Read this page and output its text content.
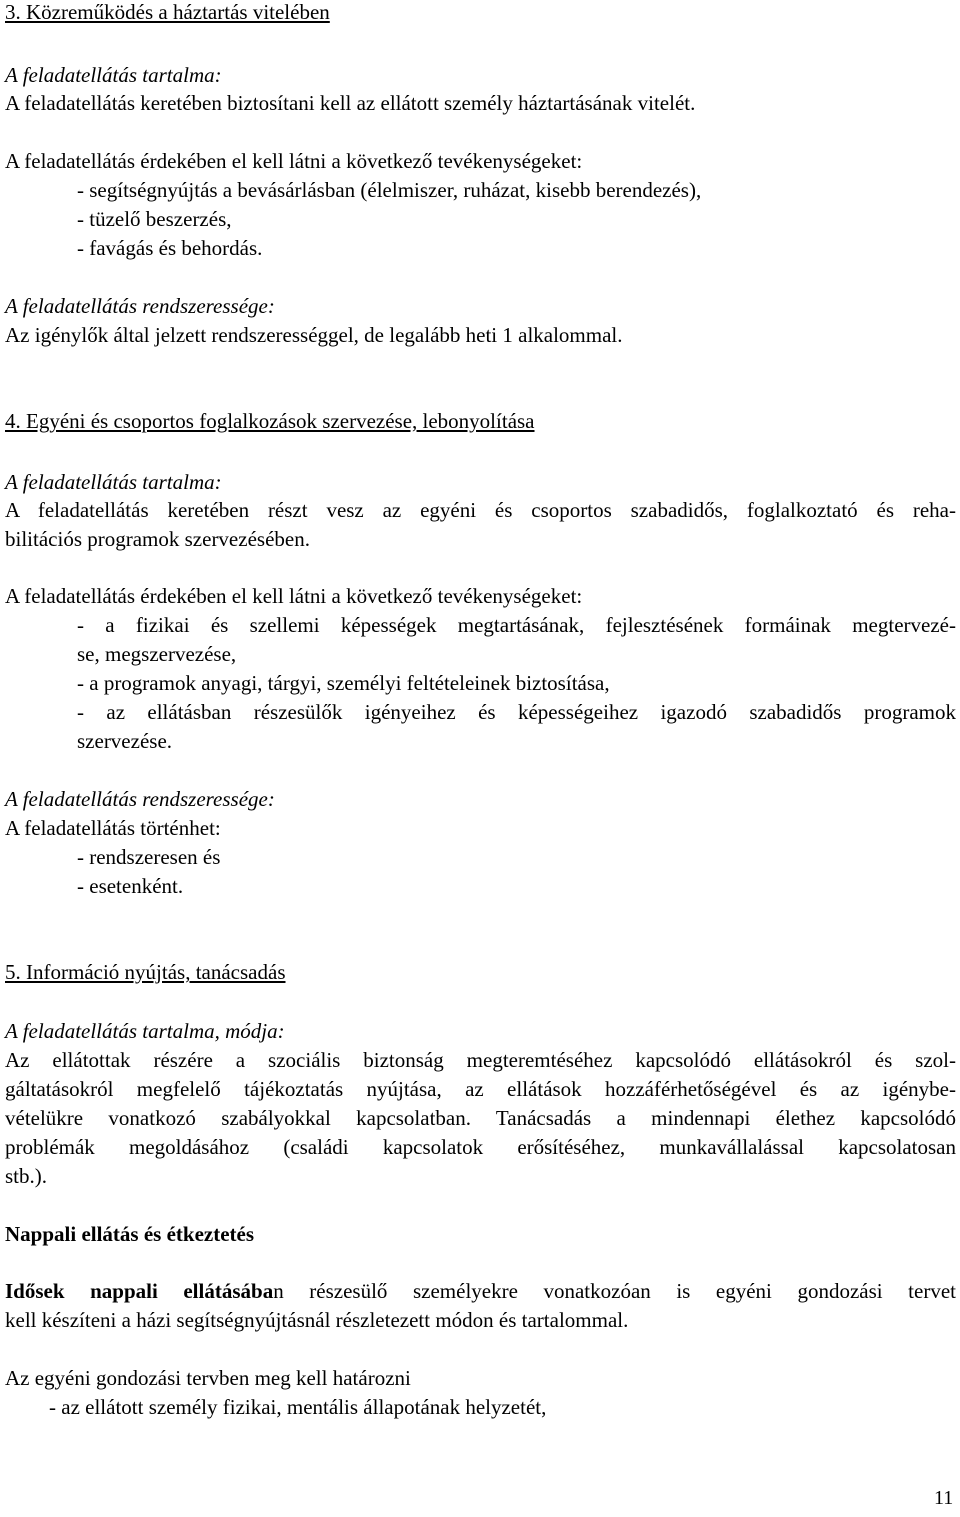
3. Közreműködés a háztartás vitelében
A feladatellátás tartalma:
A feladatellátás keretében biztosítani kell az ellátott személy háztartásának vitelét.
A feladatellátás érdekében el kell látni a következő tevékenységeket:
- segítségnyújtás a bevásárlásban (élelmiszer, ruházat, kisebb berendezés),
- tüzelő beszerzés,
- favágás és behordás.
A feladatellátás rendszeressége:
Az igénylők által jelzett rendszerességgel, de legalább heti 1 alkalommal.
4. Egyéni és csoportos foglalkozások szervezése, lebonyolítása
A feladatellátás tartalma:
A feladatellátás keretében részt vesz az egyéni és csoportos szabadidős, foglalkoztató és reha-
bilitációs programok szervezésében.
A feladatellátás érdekében el kell látni a következő tevékenységeket:
- a fizikai és szellemi képességek megtartásának, fejlesztésének formáinak megtervezé-
se, megszervezése,
- a programok anyagi, tárgyi, személyi feltételeinek biztosítása,
- az ellátásban részesülők igényeihez és képességeihez igazodó szabadidős programok
szervezése.
A feladatellátás rendszeressége:
A feladatellátás történhet:
- rendszeresen és
- esetenként.
5. Információ nyújtás, tanácsadás
A feladatellátás tartalma, módja:
Az ellátottak részére a szociális biztonság megteremtéséhez kapcsolódó ellátásokról és szol-
gáltatásokról megfelelő tájékoztatás nyújtása, az ellátások hozzáférhetőségével és az igénybe-
vételükre vonatkozó szabályokkal kapcsolatban. Tanácsadás a mindennapi élethez kapcsolódó
problémák megoldásához (családi kapcsolatok erősítéséhez, munkavállalással kapcsolatosan
stb.).
Nappali ellátás és étkeztetés
Idősek nappali ellátásában részesülő személyekre vonatkozóan is egyéni gondozási tervet
kell készíteni a házi segítségnyújtásnál részletezett módon és tartalommal.
Az egyéni gondozási tervben meg kell határozni
- az ellátott személy fizikai, mentális állapotának helyzetét,
11
